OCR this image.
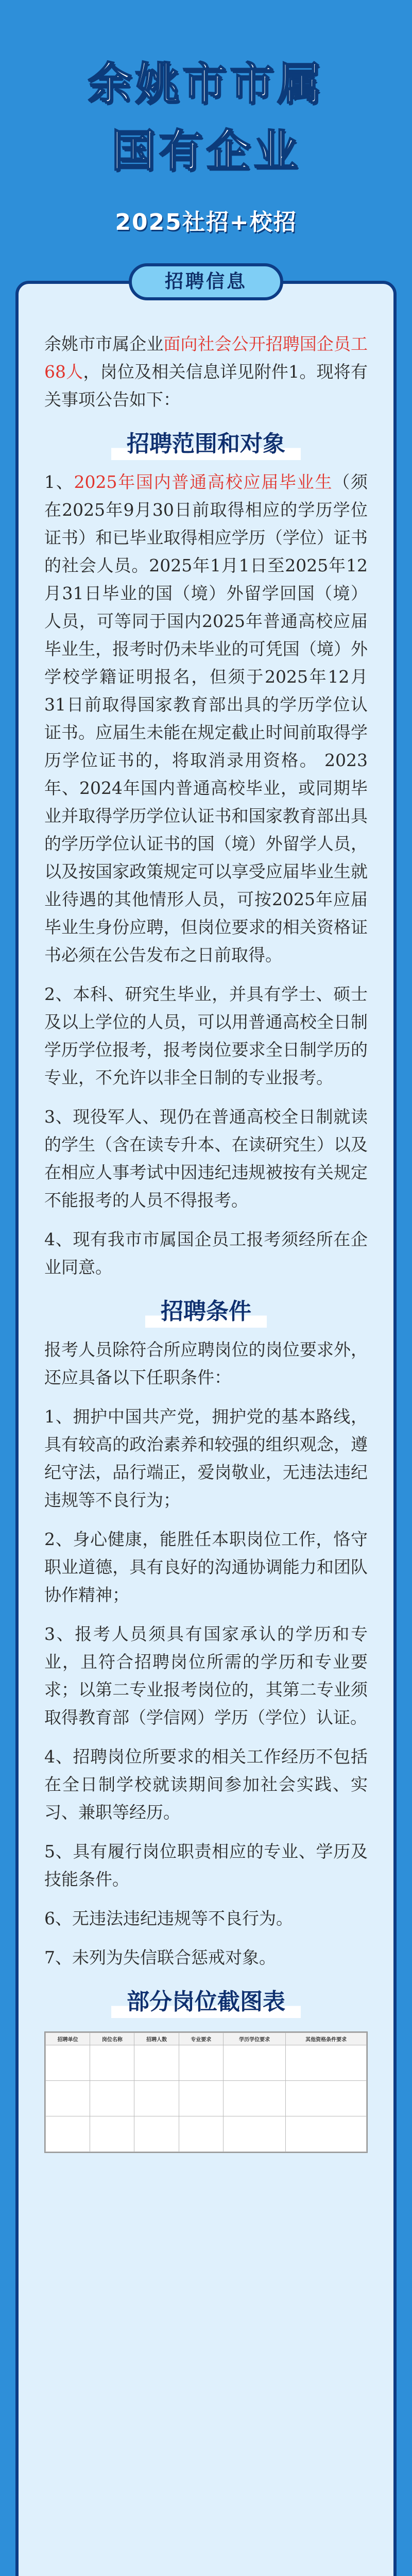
余姚市市属
国有企业
2025社招+校招
招聘信息

余姚市市属企业面向社会公开招聘国企员工68人，岗位及相关信息详见附件1。现将有关事项公告如下：

招聘范围和对象

1、2025年国内普通高校应届毕业生（须在2025年9月30日前取得相应的学历学位证书）和已毕业取得相应学历（学位）证书的社会人员。2025年1月1日至2025年12月31日毕业的国（境）外留学回国（境）人员，可等同于国内2025年普通高校应届毕业生，报考时仍未毕业的可凭国（境）外学校学籍证明报名，但须于2025年12月31日前取得国家教育部出具的学历学位认证书。应届生未能在规定截止时间前取得学历学位证书的，将取消录用资格。 2023年、2024年国内普通高校毕业，或同期毕业并取得学历学位认证书和国家教育部出具的学历学位认证书的国（境）外留学人员，以及按国家政策规定可以享受应届毕业生就业待遇的其他情形人员，可按2025年应届毕业生身份应聘，但岗位要求的相关资格证书必须在公告发布之日前取得。

2、本科、研究生毕业，并具有学士、硕士及以上学位的人员，可以用普通高校全日制学历学位报考，报考岗位要求全日制学历的专业，不允许以非全日制的专业报考。

3、现役军人、现仍在普通高校全日制就读的学生（含在读专升本、在读研究生）以及在相应人事考试中因违纪违规被按有关规定不能报考的人员不得报考。

4、现有我市市属国企员工报考须经所在企业同意。

招聘条件

报考人员除符合所应聘岗位的岗位要求外，还应具备以下任职条件：

1、拥护中国共产党，拥护党的基本路线，具有较高的政治素养和较强的组织观念，遵纪守法，品行端正，爱岗敬业，无违法违纪违规等不良行为；

2、身心健康，能胜任本职岗位工作，恪守职业道德，具有良好的沟通协调能力和团队协作精神；

3、报考人员须具有国家承认的学历和专业，且符合招聘岗位所需的学历和专业要求；以第二专业报考岗位的，其第二专业须取得教育部（学信网）学历（学位）认证。

4、招聘岗位所要求的相关工作经历不包括在全日制学校就读期间参加社会实践、实习、兼职等经历。

5、具有履行岗位职责相应的专业、学历及技能条件。

6、无违法违纪违规等不良行为。

7、未列为失信联合惩戒对象。

部分岗位截图表
招聘单位	岗位名称	招聘人数	专业要求	学历学位要求	其他资格条件要求
